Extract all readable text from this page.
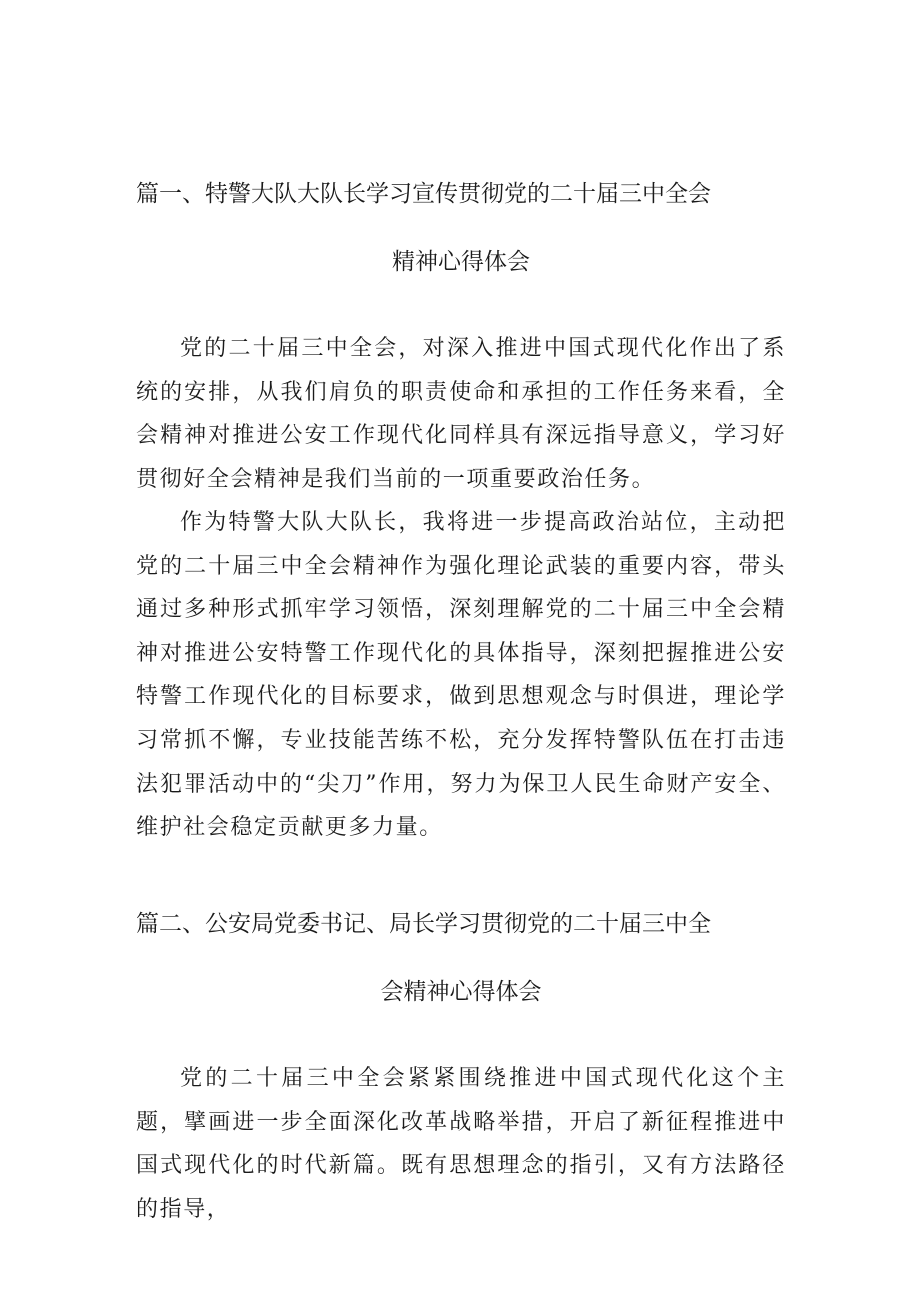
篇一、特警大队大队长学习宣传贯彻党的二十届三中全会
精神心得体会

党的二十届三中全会，对深入推进中国式现代化作出了系统的安排，从我们肩负的职责使命和承担的工作任务来看，全会精神对推进公安工作现代化同样具有深远指导意义，学习好贯彻好全会精神是我们当前的一项重要政治任务。

作为特警大队大队长，我将进一步提高政治站位，主动把党的二十届三中全会精神作为强化理论武装的重要内容，带头通过多种形式抓牢学习领悟，深刻理解党的二十届三中全会精神对推进公安特警工作现代化的具体指导，深刻把握推进公安特警工作现代化的目标要求，做到思想观念与时俱进，理论学习常抓不懈，专业技能苦练不松，充分发挥特警队伍在打击违法犯罪活动中的“尖刀”作用，努力为保卫人民生命财产安全、维护社会稳定贡献更多力量。

篇二、公安局党委书记、局长学习贯彻党的二十届三中全
会精神心得体会

党的二十届三中全会紧紧围绕推进中国式现代化这个主题，擘画进一步全面深化改革战略举措，开启了新征程推进中国式现代化的时代新篇。既有思想理念的指引，又有方法路径的指导，
